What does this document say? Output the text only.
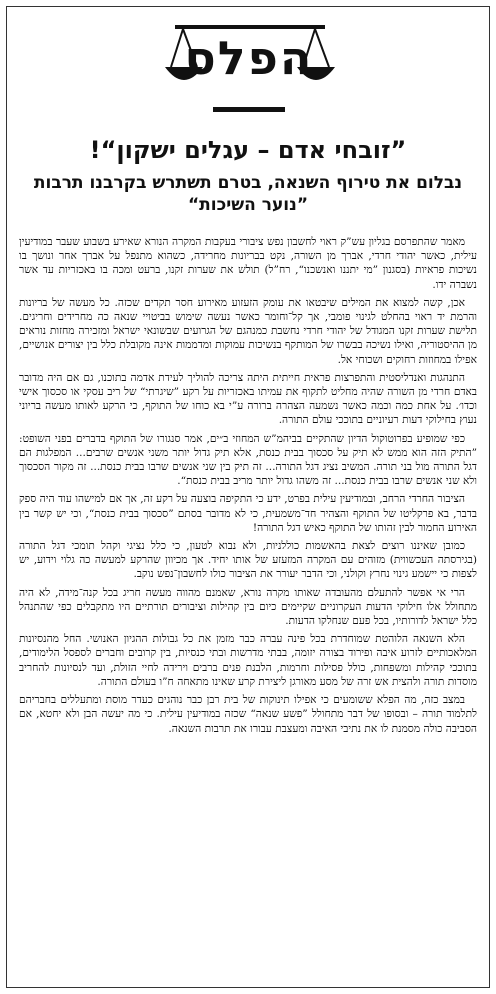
הפלס
”זובחי אדם – עגלים ישקון“!
נבלום את טירוף השנאה, בטרם תשתרש בקרבנו תרבות ”נוער השיכות“

מאמר שהתפרסם בגליון עש”ק ראוי לחשבון נפש ציבורי בעקבות המקרה הנורא שאירע בשבוע שעבר במודיעין עילית, כאשר יהודי חרדי, אברך מן השורה, נקט בבריונות מחרידה, כשהוא מתנפל על אברך אחר ונושך בו נשיכות פראיות (בסגנון ”מי יתננו ואנשכנו“, רח”ל) תולש את שערות זקנו, ברעט ומכה בו באכזריות עד אשר נשברה ידו.

אכן, קשה למצוא את המילים שיבטאו את עומק הזעזוע מאירוע חסר תקדים שכזה. כל מעשה של בריונות והרמת יד ראוי בהחלט לגינוי פומבי, אך קל־וחומר כאשר נעשה שימוש בביטויי שנאה כה מחרידים וחריגים. תלישת שערות זקנו המגודל של יהודי חרדי נחשבת כמנהגם של הגרועים שבשונאי ישראל ומזכירה מחזות נוראים מן ההיסטוריה, ואילו נשיכה בבשרו של המותקף בנשיכות עמוקות ומדממות אינה מקובלת כלל בין יצורים אנושיים, אפילו במחוזות רחוקים ושכוחי אל.

התנהגות ואנדליסטית והתפרצות פראית חייתית היתה צריכה להוליך לעידת אדמה בתוכנו, גם אם היה מדובר באדם חרדי מן השורה שהיה מחליט לתקוף את עמיתו באכזריות על רקע ”שיגרתי“ של ריב עסקי או סכסוך אישי וכדו׳. על אחת כמה וכמה כאשר נשמעה הצהרה ברורה ע”י בא כוחו של התוקף, כי הרקע לאותו מעשה בריוני נעוץ בחילוקי דעות רעיוניים בתוככי עולם התורה.

כפי שמופיע בפרוטוקול הדיון שהתקיים בביהמ”ש המחוזי ב״ים, אמר סנגורו של התוקף בדברים בפני השופט: ”התיק הזה הוא ממש לא תיק על סכסוך בבית כנסת, אלא תיק גדול יותר משני אנשים שרבים... המפלגות הם דגל התורה מול בני תורה. המשיב נציג דגל התורה... זה תיק בין שני אנשים שרבו בבית כנסת... זה מקור הסכסוך ולא שני אנשים שרבו בבית כנסת... זה משהו גדול יותר מריב בבית כנסת“.

הציבור החרדי הרחב, ובמודיעין עילית בפרט, ידע כי התקיפה בוצעה על רקע זה, אך אם למישהו עוד היה ספק בדבר, בא פרקליטו של התוקף והצהיר חד־משמעית, כי לא מדובר בסתם ”סכסוך בבית כנסת“, וכי יש קשר בין האירוע החמור לבין זהותו של התוקף כאיש דגל התורה!

כמובן שאיננו רוצים לצאת בהאשמות כוללניות, ולא נבוא לטעון, כי כלל נציגי וקהל תומכי דגל התורה (בגירסתה העכשווית) מזוהים עם המקרה המזעזע של אותו יחיד. אך מכיוון שהרקע למעשה כה גלוי וידוע, יש לצפות כי יישמע גינוי נחרץ וקולני, וכי הדבר יעורר את הציבור כולו לחשבון־נפש נוקב.

הרי אי אפשר להתעלם מהעובדה שאותו מקרה נורא, שאמנם מהווה מעשה חריג בכל קנה־מידה, לא היה מתחולל אלו חילוקי הדעות העקרוניים שקיימים כיום בין קהילות וציבורים תורתיים היו מתקבלים כפי שהתנהל כלל ישראל לדורותיו, בכל פעם שנחלקו הדעות.

הלא השנאה הלוהטת שמוחדרת בכל פינה עברה כבר מזמן את כל גבולות ההגיון האנושי. החל מהנסיונות המלאכותיים לזרוע איבה ופירוד בצורה יזומה, בבתי מדרשות ובתי כנסיות, בין קרובים וחברים לספסל הלימודים, בתוככי קהילות ומשפחות, כולל פסילות וחרמות, הלבנת פנים ברבים וירידה לחיי הזולת, ועד לנסיונות להחריב מוסדות תורה ולהצית אש זרה של מסע מאורגן ליצירת קרע שאינו מתאחה ח”ו בעולם התורה.

במצב כזה, מה הפלא ששומעים כי אפילו תינוקות של בית רבן כבר נוהגים כעדר מוסת ומתעללים בחבריהם לתלמוד תורה – ובסופו של דבר מתחולל ”פשע שנאה“ שכזה במודיעין עילית. כי מה יעשה הבן ולא יחטא, אם הסביבה כולה מסמנת לו את נתיבי האיבה ומעצבת עבורו את תרבות השנאה.
